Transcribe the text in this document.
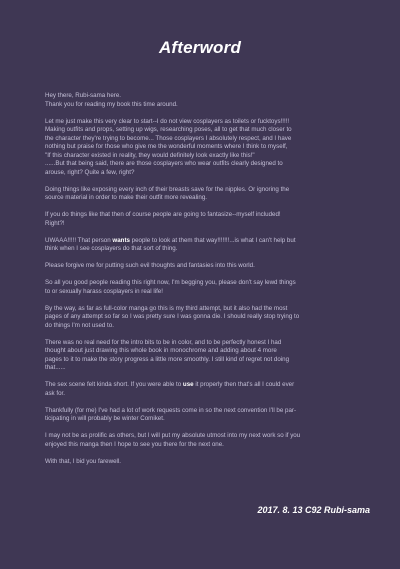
Afterword

Hey there, Rubi-sama here.
Thank you for reading my book this time around.

Let me just make this very clear to start--I do not view cosplayers as toilets or fucktoys!!!!!
Making outfits and props, setting up wigs, researching poses, all to get that much closer to
the character they're trying to become... Those cosplayers I absolutely respect, and I have
nothing but praise for those who give me the wonderful moments where I think to myself,
"If this character existed in reality, they would definitely look exactly like this!"
......But that being said, there are those cosplayers who wear outfits clearly designed to
arouse, right? Quite a few, right?

Doing things like exposing every inch of their breasts save for the nipples. Or ignoring the
source material in order to make their outfit more revealing.

If you do things like that then of course people are going to fantasize--myself included!
Right?!

UWAAA!!!!! That person wants people to look at them that way!!!!!!!...is what I can't help but
think when I see cosplayers do that sort of thing.

Please forgive me for putting such evil thoughts and fantasies into this world.

So all you good people reading this right now, I'm begging you, please don't say lewd things
to or sexually harass cosplayers in real life!

By the way, as far as full-color manga go this is my third attempt, but it also had the most
pages of any attempt so far so I was pretty sure I was gonna die. I should really stop trying to
do things I'm not used to.

There was no real need for the intro bits to be in color, and to be perfectly honest I had
thought about just drawing this whole book in monochrome and adding about 4 more
pages to it to make the story progress a little more smoothly. I still kind of regret not doing
that......

The sex scene felt kinda short. If you were able to use it properly then that's all I could ever
ask for.

Thankfully (for me) I've had a lot of work requests come in so the next convention I'll be par-
ticipating in will probably be winter Comiket.

I may not be as prolific as others, but I will put my absolute utmost into my next work so if you
enjoyed this manga then I hope to see you there for the next one.

With that, I bid you farewell.

2017. 8. 13 C92 Rubi-sama
